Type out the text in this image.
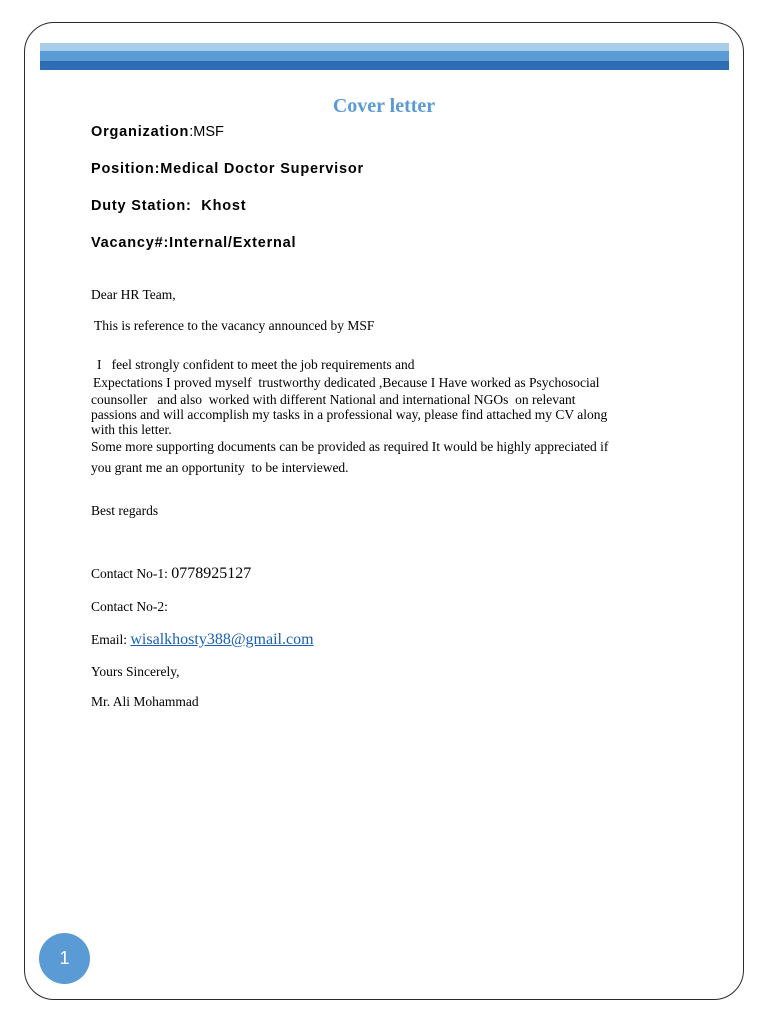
Cover letter
Organization:MSF
Position:Medical Doctor Supervisor
Duty Station: Khost
Vacancy#:Internal/External
Dear HR Team,
This is reference to the vacancy announced by MSF
I   feel strongly confident to meet the job requirements and
Expectations I proved myself  trustworthy dedicated ,Because I Have worked as Psychosocial
counsoller   and also  worked with different National and international NGOs  on relevant
passions and will accomplish my tasks in a professional way, please find attached my CV along
with this letter.
Some more supporting documents can be provided as required It would be highly appreciated if
you grant me an opportunity  to be interviewed.
Best regards
Contact No-1: 0778925127
Contact No-2:
Email: wisalkhosty388@gmail.com
Yours Sincerely,
Mr. Ali Mohammad
1
